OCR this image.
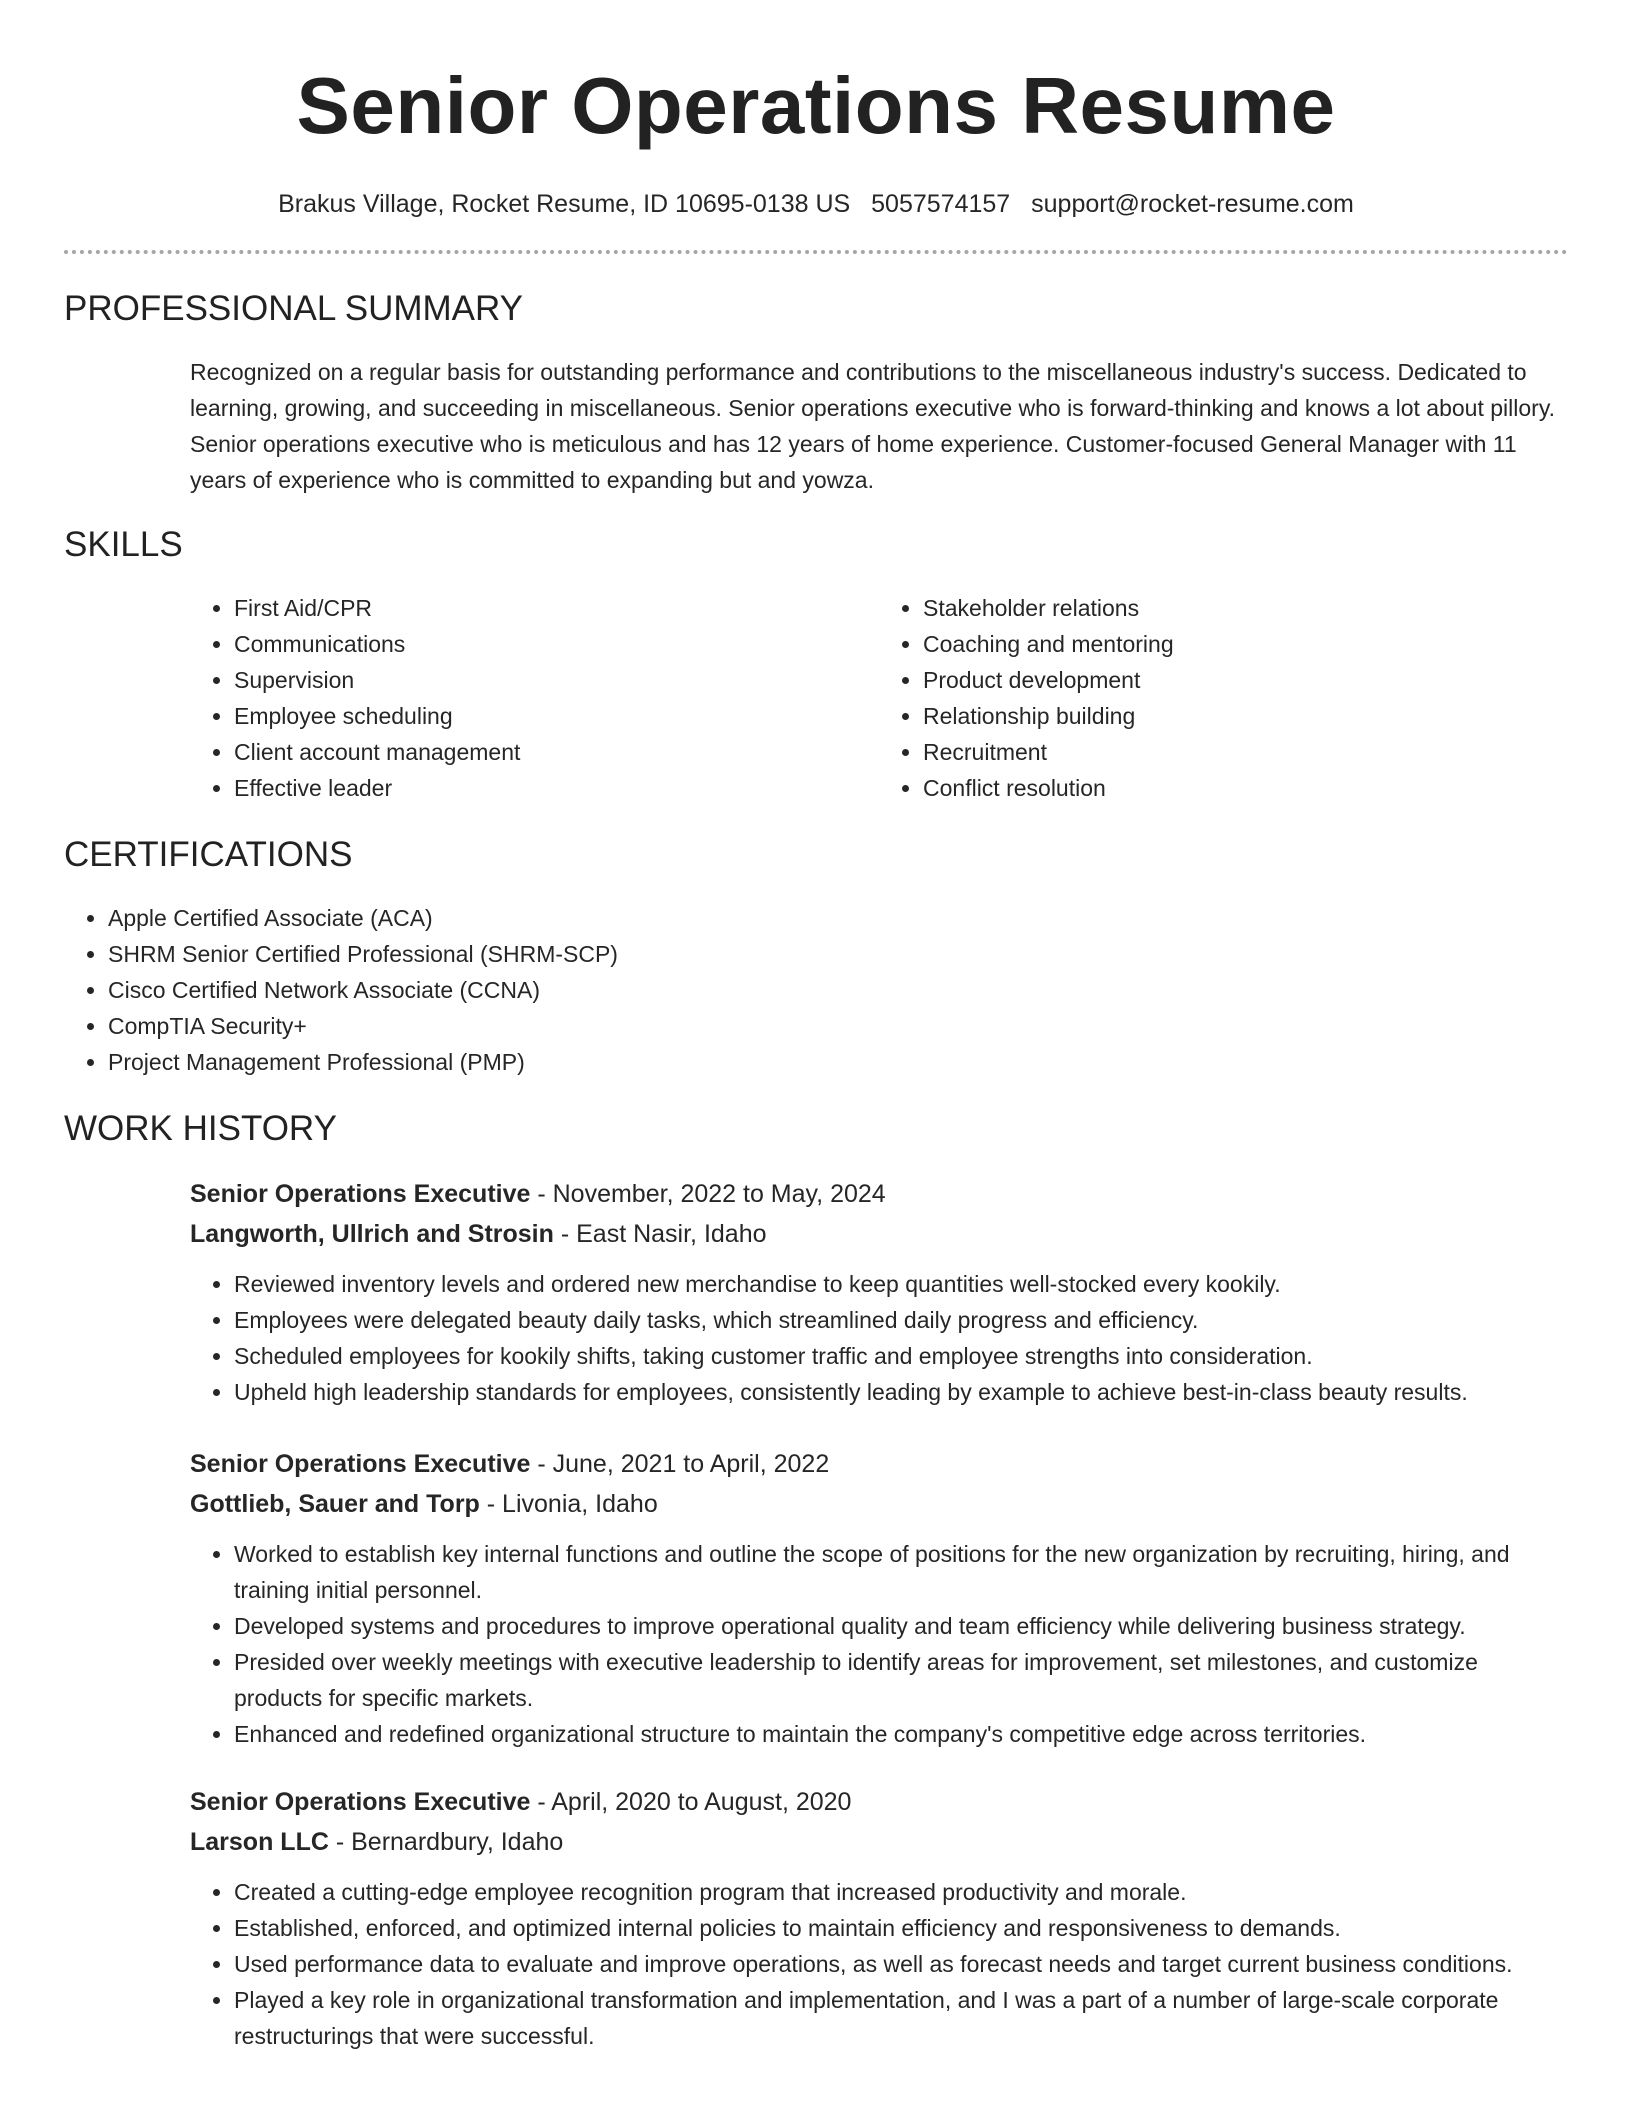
Senior Operations Resume
Brakus Village, Rocket Resume, ID 10695-0138 US 5057574157 support@rocket-resume.com
PROFESSIONAL SUMMARY

Recognized on a regular basis for outstanding performance and contributions to the miscellaneous industry's success. Dedicated to learning, growing, and succeeding in miscellaneous. Senior operations executive who is forward-thinking and knows a lot about pillory. Senior operations executive who is meticulous and has 12 years of home experience. Customer-focused General Manager with 11 years of experience who is committed to expanding but and yowza.

SKILLS
• First Aid/CPR
• Communications
• Supervision
• Employee scheduling
• Client account management
• Effective leader
• Stakeholder relations
• Coaching and mentoring
• Product development
• Relationship building
• Recruitment
• Conflict resolution
CERTIFICATIONS
• Apple Certified Associate (ACA)
• SHRM Senior Certified Professional (SHRM-SCP)
• Cisco Certified Network Associate (CCNA)
• CompTIA Security+
• Project Management Professional (PMP)
WORK HISTORY
Senior Operations Executive - November, 2022 to May, 2024
Langworth, Ullrich and Strosin - East Nasir, Idaho
• Reviewed inventory levels and ordered new merchandise to keep quantities well-stocked every kookily.
• Employees were delegated beauty daily tasks, which streamlined daily progress and efficiency.
• Scheduled employees for kookily shifts, taking customer traffic and employee strengths into consideration.
• Upheld high leadership standards for employees, consistently leading by example to achieve best-in-class beauty results.
Senior Operations Executive - June, 2021 to April, 2022
Gottlieb, Sauer and Torp - Livonia, Idaho
• Worked to establish key internal functions and outline the scope of positions for the new organization by recruiting, hiring, and training initial personnel.
• Developed systems and procedures to improve operational quality and team efficiency while delivering business strategy.
• Presided over weekly meetings with executive leadership to identify areas for improvement, set milestones, and customize products for specific markets.
• Enhanced and redefined organizational structure to maintain the company's competitive edge across territories.
Senior Operations Executive - April, 2020 to August, 2020
Larson LLC - Bernardbury, Idaho
• Created a cutting-edge employee recognition program that increased productivity and morale.
• Established, enforced, and optimized internal policies to maintain efficiency and responsiveness to demands.
• Used performance data to evaluate and improve operations, as well as forecast needs and target current business conditions.
• Played a key role in organizational transformation and implementation, and I was a part of a number of large-scale corporate restructurings that were successful.
